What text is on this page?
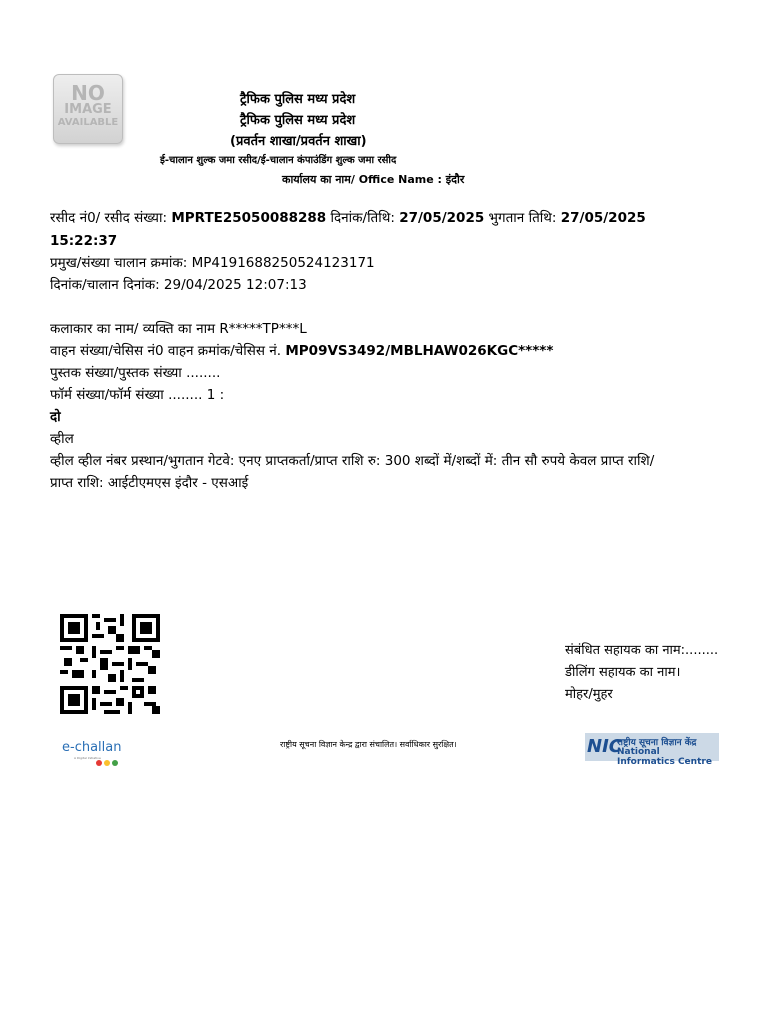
NO
IMAGE
AVAILABLE
ट्रैफिक पुलिस मध्य प्रदेश
ट्रैफिक पुलिस मध्य प्रदेश
(प्रवर्तन शाखा/प्रवर्तन शाखा)
ई-चालान शुल्क जमा रसीद/ई-चालान कंपाउंडिंग शुल्क जमा रसीद
कार्यालय का नाम/ Office Name : इंदौर
रसीद नं0/ रसीद संख्या: MPRTE25050088288 दिनांक/तिथि: 27/05/2025 भुगतान तिथि: 27/05/2025
15:22:37
प्रमुख/संख्या चालान क्रमांक: MP4191688250524123171
दिनांक/चालान दिनांक: 29/04/2025 12:07:13
कलाकार का नाम/ व्यक्ति का नाम R*****TP***L
वाहन संख्या/चेसिस नं0 वाहन क्रमांक/चेसिस नं. MP09VS3492/MBLHAW026KGC*****
पुस्तक संख्या/पुस्तक संख्या ........
फॉर्म संख्या/फॉर्म संख्या ........ 1 :
दो
व्हील
व्हील व्हील नंबर प्रस्थान/भुगतान गेटवे: एनए प्राप्तकर्ता/प्राप्त राशि रु: 300 शब्दों में/शब्दों में: तीन सौ रुपये केवल प्राप्त राशि/
प्राप्त राशि: आईटीएमएस इंदौर - एसआई
संबंधित सहायक का नाम:........
डीलिंग सहायक का नाम।
मोहर/मुहर
e-challan
A Digital Initiative
राष्ट्रीय सूचना विज्ञान केन्द्र द्वारा संचालित। सर्वाधिकार सुरक्षित।	NIC
राष्ट्रीय सूचना विज्ञान केंद्र
National Informatics Centre
